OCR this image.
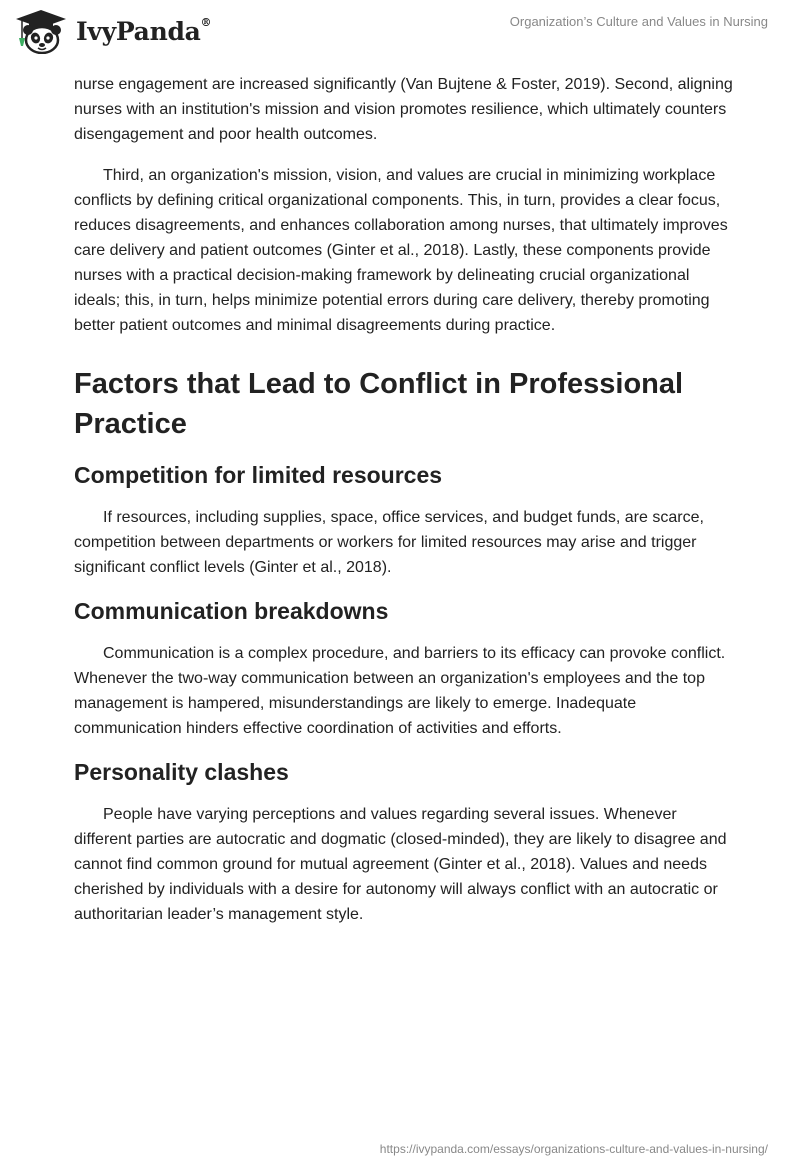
IvyPanda®	Organization’s Culture and Values in Nursing

nurse engagement are increased significantly (Van Bujtene & Foster, 2019). Second, aligning nurses with an institution's mission and vision promotes resilience, which ultimately counters disengagement and poor health outcomes.

Third, an organization's mission, vision, and values are crucial in minimizing workplace conflicts by defining critical organizational components. This, in turn, provides a clear focus, reduces disagreements, and enhances collaboration among nurses, that ultimately improves care delivery and patient outcomes (Ginter et al., 2018). Lastly, these components provide nurses with a practical decision-making framework by delineating crucial organizational ideals; this, in turn, helps minimize potential errors during care delivery, thereby promoting better patient outcomes and minimal disagreements during practice.

Factors that Lead to Conflict in Professional Practice
Competition for limited resources

If resources, including supplies, space, office services, and budget funds, are scarce, competition between departments or workers for limited resources may arise and trigger significant conflict levels (Ginter et al., 2018).

Communication breakdowns

Communication is a complex procedure, and barriers to its efficacy can provoke conflict. Whenever the two-way communication between an organization's employees and the top management is hampered, misunderstandings are likely to emerge. Inadequate communication hinders effective coordination of activities and efforts.

Personality clashes

People have varying perceptions and values regarding several issues. Whenever different parties are autocratic and dogmatic (closed-minded), they are likely to disagree and cannot find common ground for mutual agreement (Ginter et al., 2018). Values and needs cherished by individuals with a desire for autonomy will always conflict with an autocratic or authoritarian leader’s management style.

https://ivypanda.com/essays/organizations-culture-and-values-in-nursing/
